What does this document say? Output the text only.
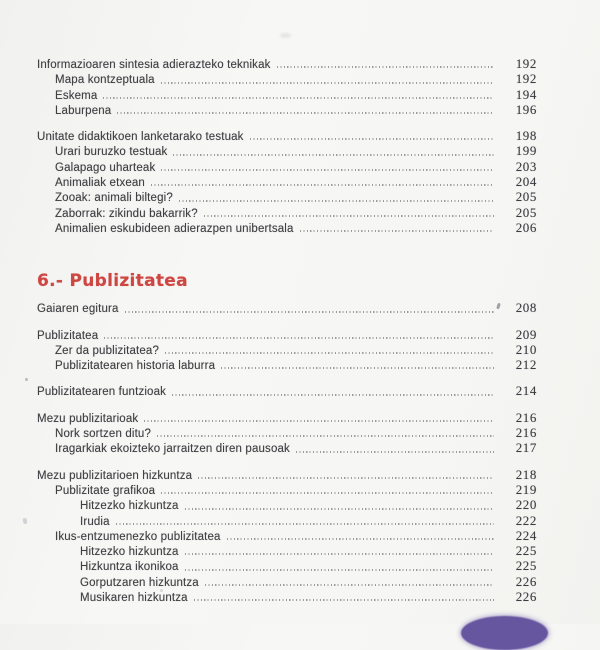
Informazioaren sintesia adierazteko teknikak	192
Mapa kontzeptuala	192
Eskema	194
Laburpena	196
Unitate didaktikoen lanketarako testuak	198
Urari buruzko testuak	199
Galapago uharteak	203
Animaliak etxean	204
Zooak: animali biltegi?	205
Zaborrak: zikindu bakarrik?	205
Animalien eskubideen adierazpen unibertsala	206
6.- Publizitatea
Gaiaren egitura	208
Publizitatea	209
Zer da publizitatea?	210
Publizitatearen historia laburra	212
Publizitatearen funtzioak	214
Mezu publizitarioak	216
Nork sortzen ditu?	216
Iragarkiak ekoizteko jarraitzen diren pausoak	217
Mezu publizitarioen hizkuntza	218
Publizitate grafikoa	219
Hitzezko hizkuntza	220
Irudia	222
Ikus-entzumenezko publizitatea	224
Hitzezko hizkuntza	225
Hizkuntza ikonikoa	225
Gorputzaren hizkuntza	226
Musikaren hizkuntza	226
